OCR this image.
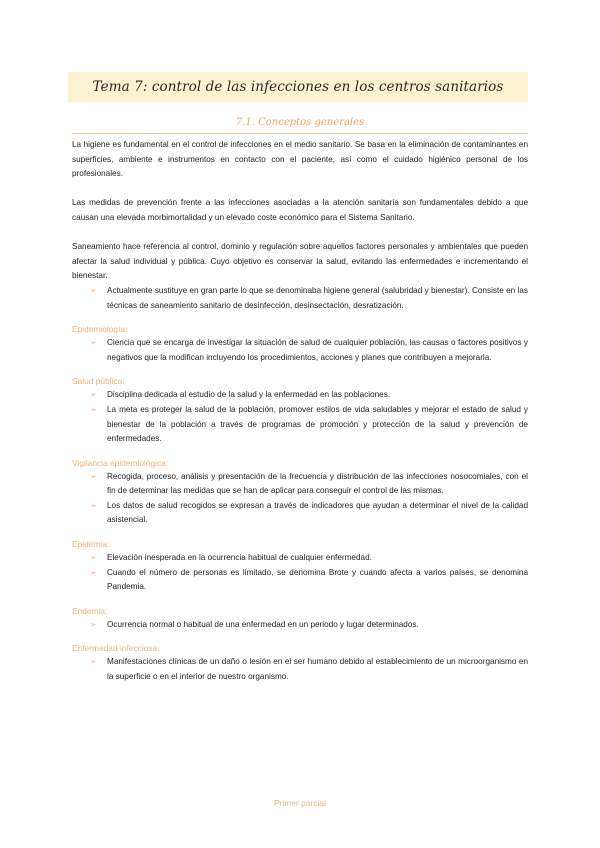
Tema 7: control de las infecciones en los centros sanitarios
7.1. Conceptos generales

La higiene es fundamental en el control de infecciones en el medio sanitario. Se basa en la eliminación de contaminantes en superficies, ambiente e instrumentos en contacto con el paciente, así como el cuidado higiénico personal de los profesionales.

Las medidas de prevención frente a las infecciones asociadas a la atención sanitaria son fundamentales debido a que causan una elevada morbimortalidad y un elevado coste económico para el Sistema Sanitario.

Saneamiento hace referencia al control, dominio y regulación sobre aquellos factores personales y ambientales que pueden afectar la salud individual y pública. Cuyo objetivo es conservar la salud, evitando las enfermedades e incrementando el bienestar.

➢ Actualmente sustituye en gran parte lo que se denominaba higiene general (salubridad y bienestar). Consiste en las técnicas de saneamiento sanitario de desinfección, desinsectación, desratización.
Epidemiología:
➢ Ciencia que se encarga de investigar la situación de salud de cualquier población, las causas o factores positivos y negativos que la modifican incluyendo los procedimientos, acciones y planes que contribuyen a mejorarla.
Salud pública:
➢ Disciplina dedicada al estudio de la salud y la enfermedad en las poblaciones.
➢ La meta es proteger la salud de la población, promover estilos de vida saludables y mejorar el estado de salud y bienestar de la población a través de programas de promoción y protección de la salud y prevención de enfermedades.
Vigilancia epidemiológica:
➢ Recogida, proceso, análisis y presentación de la frecuencia y distribución de las infecciones nosocomiales, con el fin de determinar las medidas que se han de aplicar para conseguir el control de las mismas.
➢ Los datos de salud recogidos se expresan a través de indicadores que ayudan a determinar el nivel de la calidad asistencial.
Epidemia:
➢ Elevación inesperada en la ocurrencia habitual de cualquier enfermedad.
➢ Cuando el número de personas es limitado, se denomina Brote y cuando afecta a varios países, se denomina Pandemia.
Endemia:
➢ Ocurrencia normal o habitual de una enfermedad en un periodo y lugar determinados.
Enfermedad infecciosa:
➢ Manifestaciones clínicas de un daño o lesión en el ser humano debido al establecimiento de un microorganismo en la superficie o en el interior de nuestro organismo.
Primer parcial
